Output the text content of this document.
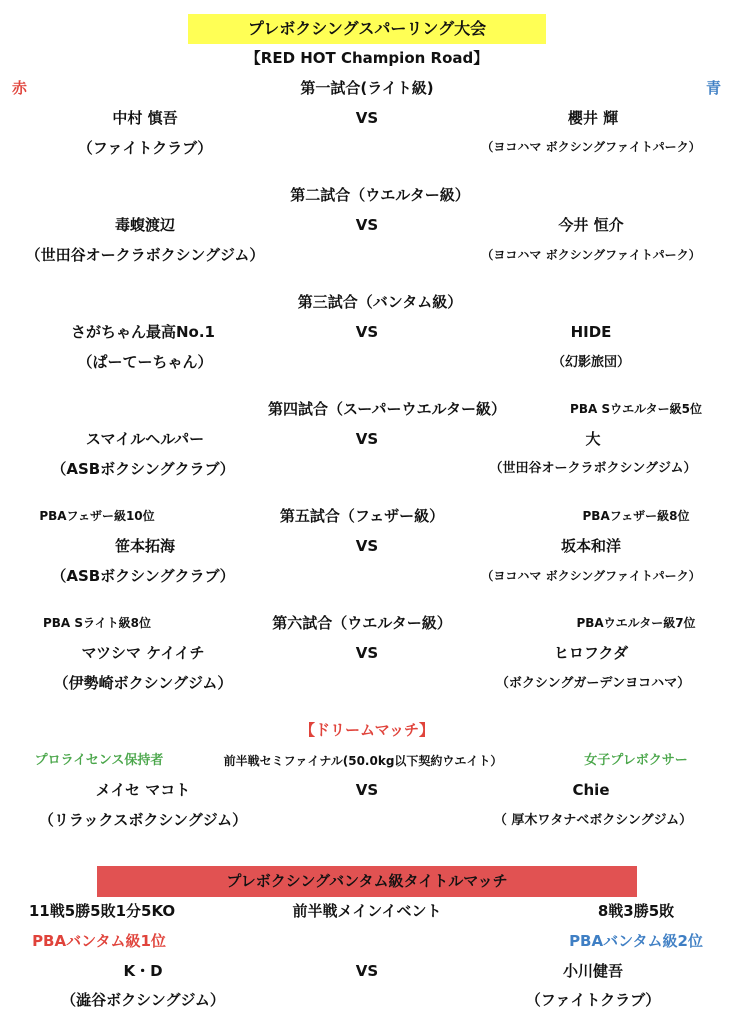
プレボクシングスパーリング大会
【RED HOT Champion Road】
赤	青
第一試合(ライト級)
中村 慎吾	VS	櫻井 輝
（ファイトクラブ）	（ヨコハマ ボクシングファイトパーク）
第二試合（ウエルター級）
毒蝮渡辺	VS	今井 恒介
（世田谷オークラボクシングジム）	（ヨコハマ ボクシングファイトパーク）
第三試合（バンタム級）
さがちゃん最高No.1	VS	HIDE
（ぱーてーちゃん）	（幻影旅団）
第四試合（スーパーウエルター級）	PBA Sウエルター級5位
スマイルヘルパー	VS	大
（ASBボクシングクラブ）	（世田谷オークラボクシングジム）
PBAフェザー級10位	第五試合（フェザー級）	PBAフェザー級8位
笹本拓海	VS	坂本和洋
（ASBボクシングクラブ）	（ヨコハマ ボクシングファイトパーク）
PBA Sライト級8位	第六試合（ウエルター級）	PBAウエルター級7位
マツシマ ケイイチ	VS	ヒロフクダ
（伊勢崎ボクシングジム）	（ボクシングガーデンヨコハマ）
【ドリームマッチ】
プロライセンス保持者	前半戦セミファイナル(50.0kg以下契約ウエイト）	女子プレボクサー
メイセ マコト	VS	Chie
（リラックスボクシングジム）	（ 厚木ワタナベボクシングジム）
プレボクシングバンタム級タイトルマッチ
11戦5勝5敗1分5KO	前半戦メインイベント	8戦3勝5敗
PBAバンタム級1位	PBAバンタム級2位
K・D	VS	小川健吾
（澁谷ボクシングジム）	（ファイトクラブ）
